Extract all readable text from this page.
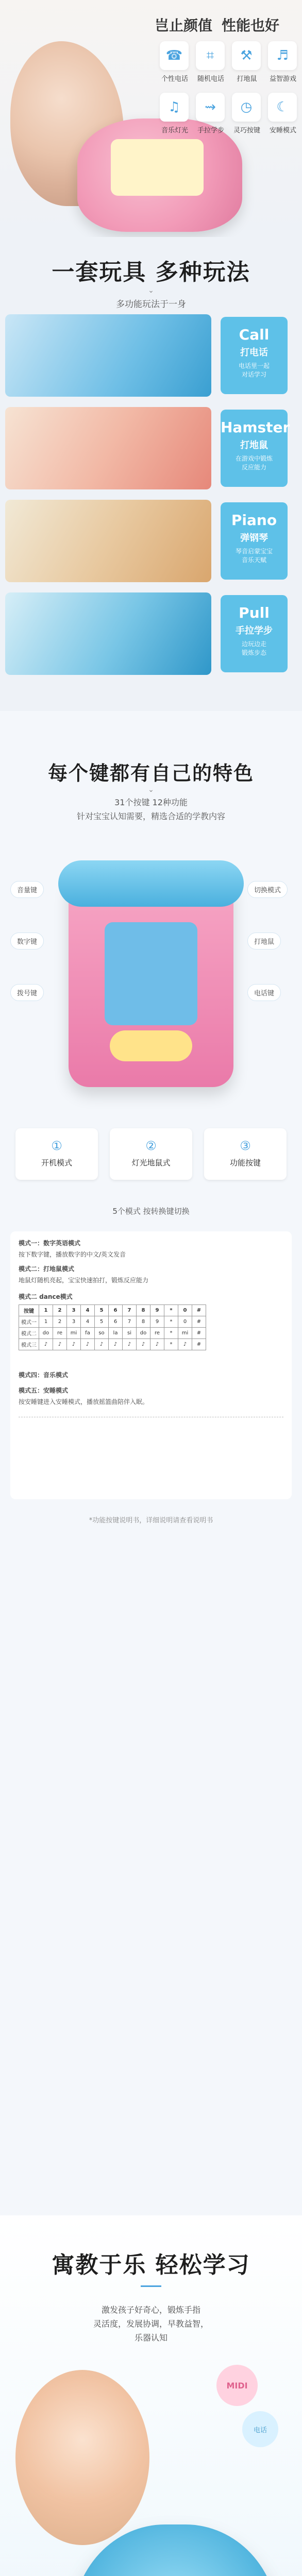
岂止颜值 性能也好
☎
个性电话
⌗
随机电话
⚒
打地鼠
♬
益智游戏
♫
音乐灯光
⇝
手拉学步
◷
灵巧按键
☾
安睡模式
一套玩具 多种玩法
⌄
多功能玩法于一身
Call
打电话
电话里一起
对话学习
Hamster
打地鼠
在游戏中锻炼
反应能力
Piano
弹钢琴
琴音启蒙宝宝
音乐天赋
Pull
手拉学步
边玩边走
锻炼步态
每个键都有自己的特色
⌄
31个按键 12种功能
针对宝宝认知需要，精选合适的学教内容
音量键
数字键
拨号键
切换模式
打地鼠
电话键
①
开机模式
②
灯光地鼠式
③
功能按键
5个模式 按转换键切换
模式一：数字英语模式
按下数字键，播放数字的中文/英文发音
模式二：打地鼠模式
地鼠灯随机亮起，宝宝快速拍打，锻炼反应能力
模式二 dance模式
按键	1	2	3	4	5	6	7	8	9	*	0	#
模式一	1	2	3	4	5	6	7	8	9	*	0	#
模式二	do	re	mi	fa	so	la	si	do	re	*	mi	#
模式三	♪	♪	♪	♪	♪	♪	♪	♪	♪	*	♪	#
模式四：音乐模式
模式五：安睡模式
按安睡键进入安睡模式，播放摇篮曲陪伴入眠。
*功能按键说明书，详细说明请查看说明书
寓教于乐 轻松学习
激发孩子好奇心，锻炼手指
灵活度，发展协调，早教益智，
乐器认知
MIDI
电话
